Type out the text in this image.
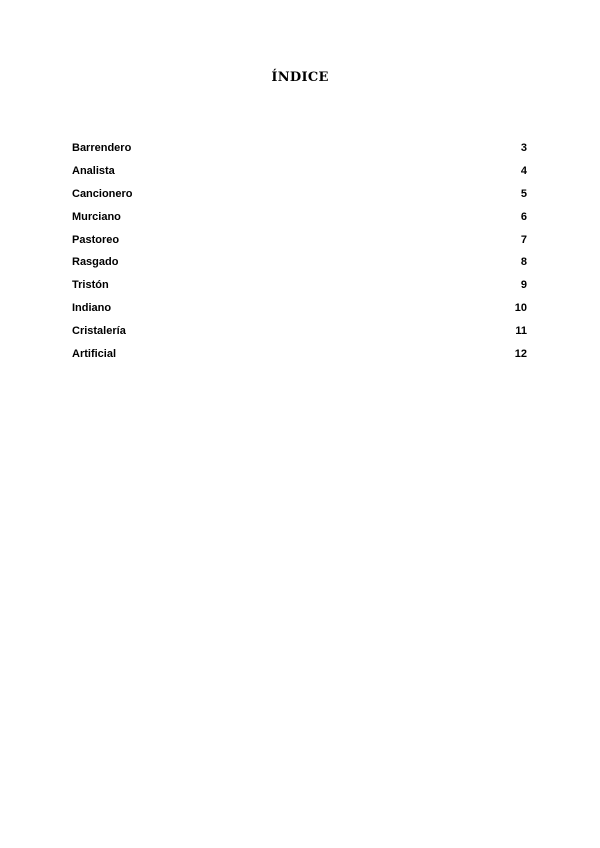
ÍNDICE
Barrendero	3
Analista	4
Cancionero	5
Murciano	6
Pastoreo	7
Rasgado	8
Tristón	9
Indiano	10
Cristalería	11
Artificial	12
